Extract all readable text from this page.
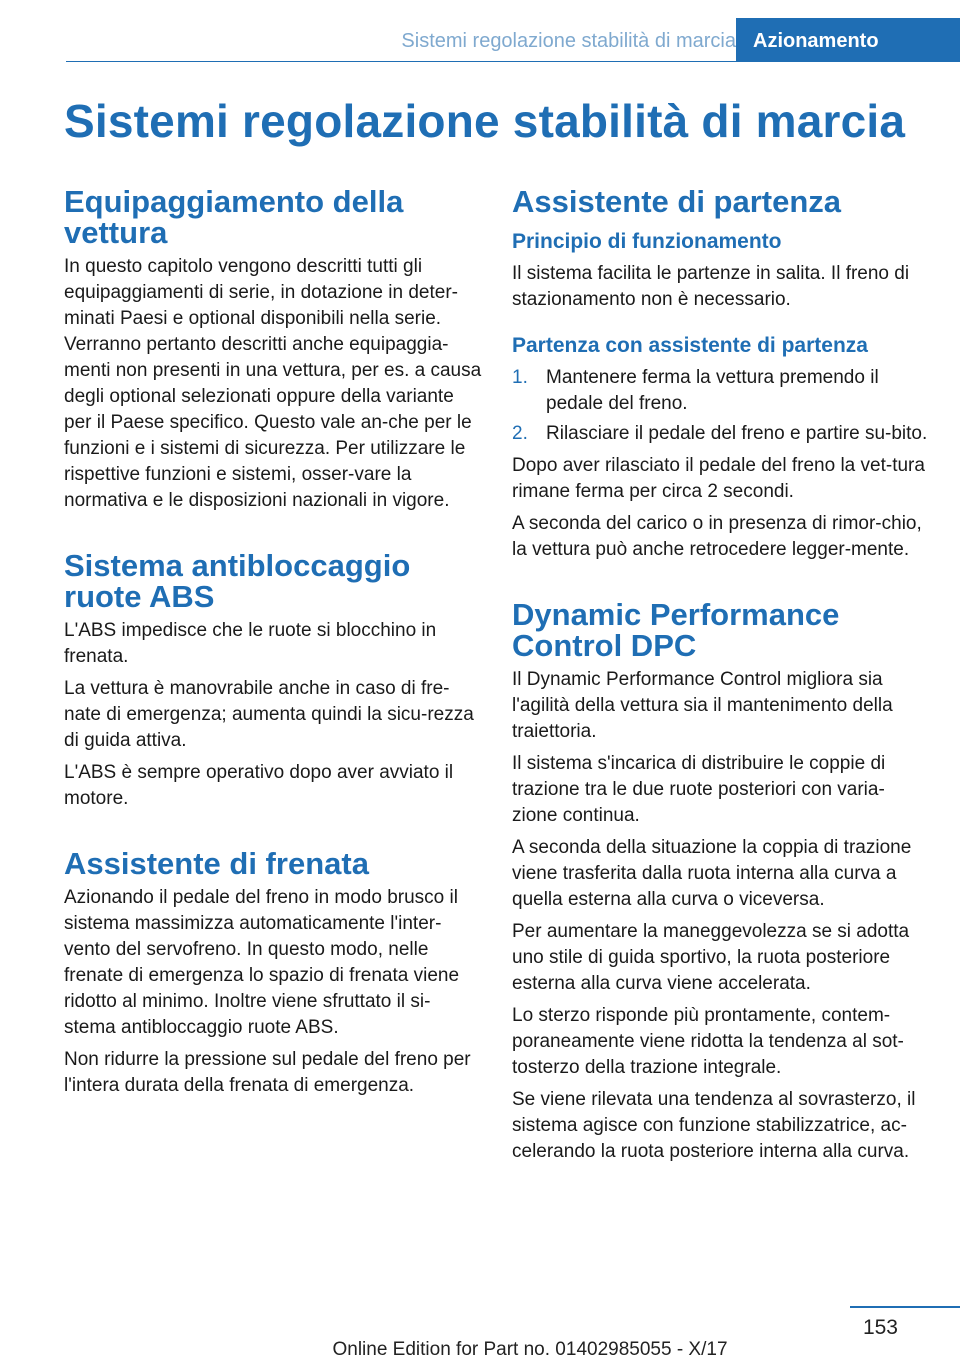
Sistemi regolazione stabilità di marcia Azionamento
Sistemi regolazione stabilità di marcia
Equipaggiamento della vettura

In questo capitolo vengono descritti tutti gli equipaggiamenti di serie, in dotazione in deter-minati Paesi e optional disponibili nella serie. Verranno pertanto descritti anche equipaggia-menti non presenti in una vettura, per es. a causa degli optional selezionati oppure della variante per il Paese specifico. Questo vale an-che per le funzioni e i sistemi di sicurezza. Per utilizzare le rispettive funzioni e sistemi, osser-vare la normativa e le disposizioni nazionali in vigore.

Sistema antibloccaggio ruote ABS

L'ABS impedisce che le ruote si blocchino in frenata.

La vettura è manovrabile anche in caso di fre-nate di emergenza; aumenta quindi la sicu-rezza di guida attiva.

L'ABS è sempre operativo dopo aver avviato il motore.

Assistente di frenata

Azionando il pedale del freno in modo brusco il sistema massimizza automaticamente l'inter-vento del servofreno. In questo modo, nelle frenate di emergenza lo spazio di frenata viene ridotto al minimo. Inoltre viene sfruttato il si-stema antibloccaggio ruote ABS.

Non ridurre la pressione sul pedale del freno per l'intera durata della frenata di emergenza.

Assistente di partenza
Principio di funzionamento

Il sistema facilita le partenze in salita. Il freno di stazionamento non è necessario.

Partenza con assistente di partenza
1. Mantenere ferma la vettura premendo il pedale del freno.
2. Rilasciare il pedale del freno e partire su-bito.

Dopo aver rilasciato il pedale del freno la vet-tura rimane ferma per circa 2 secondi.

A seconda del carico o in presenza di rimor-chio, la vettura può anche retrocedere legger-mente.

Dynamic Performance Control DPC

Il Dynamic Performance Control migliora sia l'agilità della vettura sia il mantenimento della traiettoria.

Il sistema s'incarica di distribuire le coppie di trazione tra le due ruote posteriori con varia-zione continua.

A seconda della situazione la coppia di trazione viene trasferita dalla ruota interna alla curva a quella esterna alla curva o viceversa.

Per aumentare la maneggevolezza se si adotta uno stile di guida sportivo, la ruota posteriore esterna alla curva viene accelerata.

Lo sterzo risponde più prontamente, contem-poraneamente viene ridotta la tendenza al sot-tosterzo della trazione integrale.

Se viene rilevata una tendenza al sovrasterzo, il sistema agisce con funzione stabilizzatrice, ac-celerando la ruota posteriore interna alla curva.

153
Online Edition for Part no. 01402985055 - X/17
